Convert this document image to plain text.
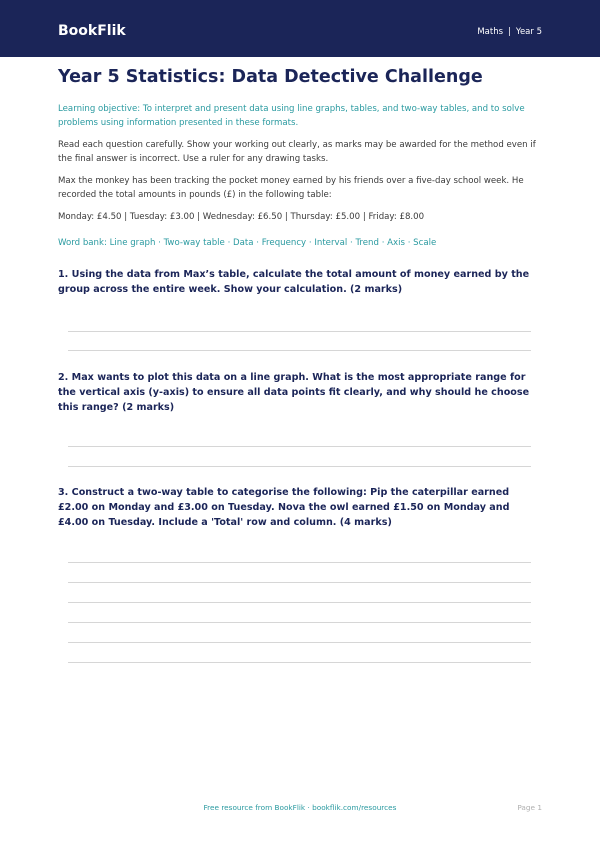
BookFlik	Maths | Year 5
Year 5 Statistics: Data Detective Challenge

Learning objective: To interpret and present data using line graphs, tables, and two-way tables, and to solve problems using information presented in these formats.

Read each question carefully. Show your working out clearly, as marks may be awarded for the method even if the final answer is incorrect. Use a ruler for any drawing tasks.

Max the monkey has been tracking the pocket money earned by his friends over a five-day school week. He recorded the total amounts in pounds (£) in the following table:

Monday: £4.50 | Tuesday: £3.00 | Wednesday: £6.50 | Thursday: £5.00 | Friday: £8.00

Word bank: Line graph · Two-way table · Data · Frequency · Interval · Trend · Axis · Scale

1. Using the data from Max’s table, calculate the total amount of money earned by the group across the entire week. Show your calculation. (2 marks)

2. Max wants to plot this data on a line graph. What is the most appropriate range for the vertical axis (y-axis) to ensure all data points fit clearly, and why should he choose this range? (2 marks)

3. Construct a two-way table to categorise the following: Pip the caterpillar earned £2.00 on Monday and £3.00 on Tuesday. Nova the owl earned £1.50 on Monday and £4.00 on Tuesday. Include a 'Total' row and column. (4 marks)

Free resource from BookFlik · bookflik.com/resources	Page 1
